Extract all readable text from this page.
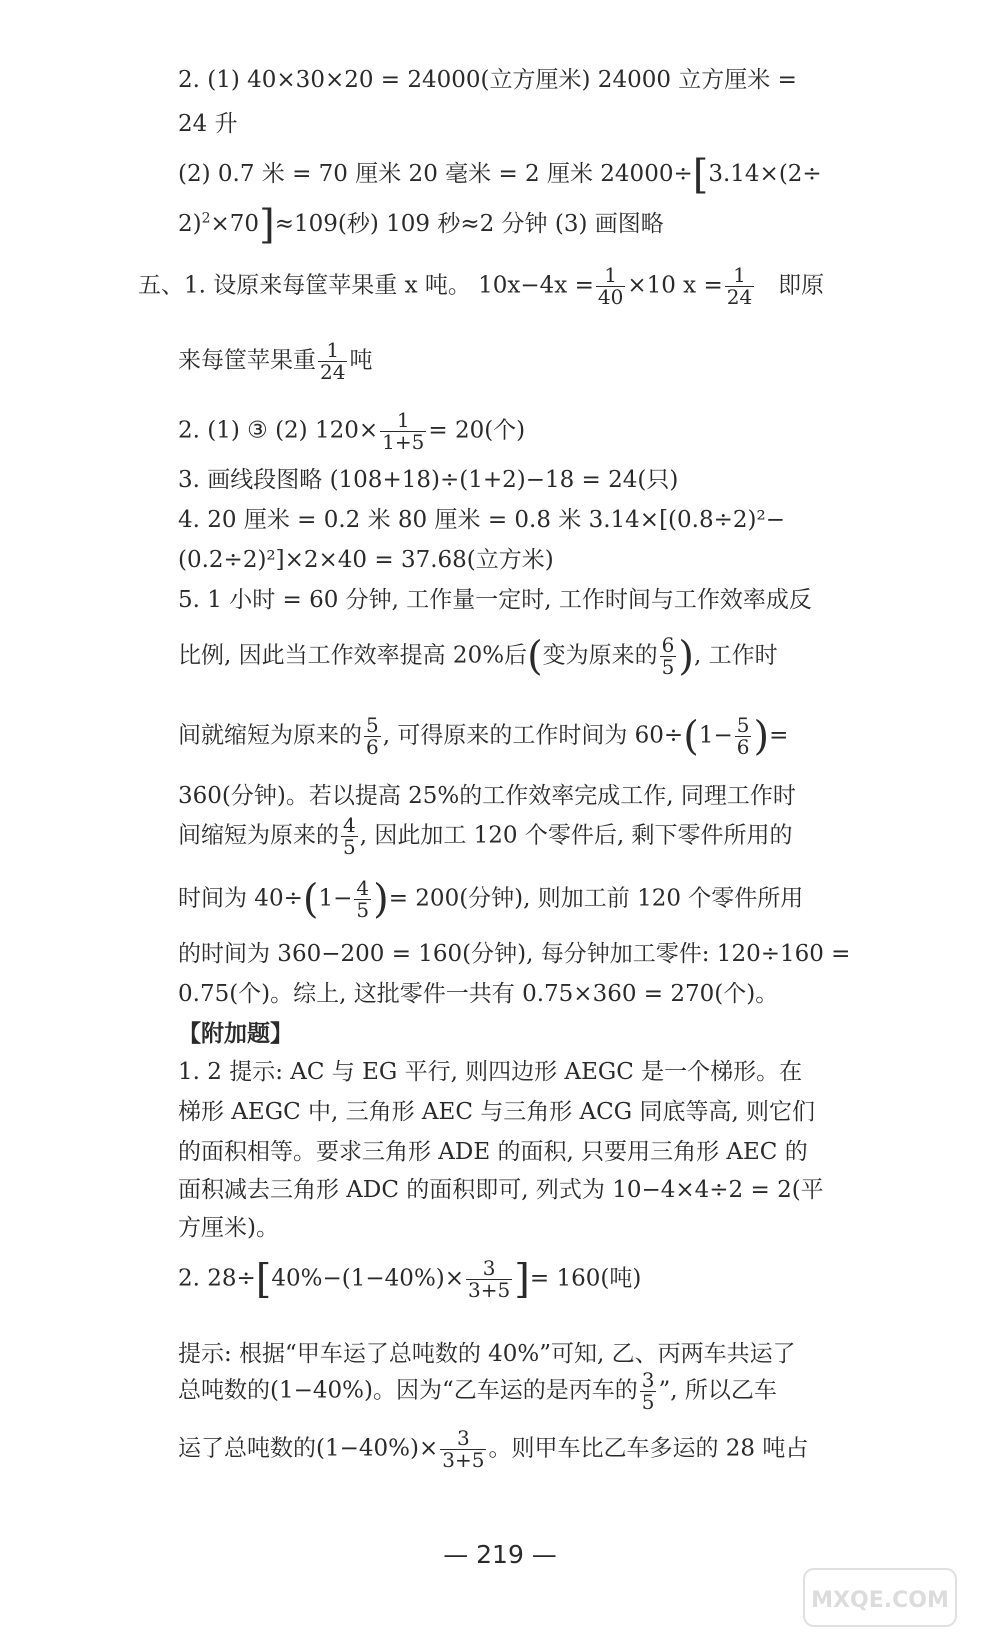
2. (1) 40×30×20 = 24000(立方厘米) 24000 立方厘米 =
24 升
(2) 0.7 米 = 70 厘米 20 毫米 = 2 厘米 24000÷[3.14×(2÷
2)$^2$×70]≈109(秒) 109 秒≈2 分钟 (3) 画图略
五、1. 设原来每筐苹果重 x 吨。 $10x-4x = \frac{1}{40} \times 10$ $x = \frac{1}{24}$ 即原
来每筐苹果重 $\frac{1}{24}$ 吨
2. (1) ③ (2) $120\times \frac{1}{1+5} = 20$(个)
3. 画线段图略 (108+18)÷(1+2)−18 = 24(只)
4. 20 厘米 = 0.2 米 80 厘米 = 0.8 米 3.14×[(0.8÷2)²−
(0.2÷2)²]×2×40 = 37.68(立方米)
5. 1 小时 = 60 分钟, 工作量一定时, 工作时间与工作效率成反
比例, 因此当工作效率提高 20%后(变为原来的 $\frac{6}{5}$ ), 工作时
间就缩短为原来的 $\frac{5}{6}$ , 可得原来的工作时间为 $60\div(1- \frac{5}{6}$ )=
360(分钟)。若以提高 25%的工作效率完成工作, 同理工作时
间缩短为原来的 $\frac{4}{5}$ , 因此加工 120 个零件后, 剩下零件所用的
时间为 $40\div(1- \frac{4}{5}$ )= 200(分钟), 则加工前 120 个零件所用
的时间为 360−200 = 160(分钟), 每分钟加工零件: 120÷160 =
0.75(个)。综上, 这批零件一共有 0.75×360 = 270(个)。
【附加题】
1. 2 提示: AC 与 EG 平行, 则四边形 AEGC 是一个梯形。在
梯形 AEGC 中, 三角形 AEC 与三角形 ACG 同底等高, 则它们
的面积相等。要求三角形 ADE 的面积, 只要用三角形 AEC 的
面积减去三角形 ADC 的面积即可, 列式为 10−4×4÷2 = 2(平
方厘米)。
2. $28\div[40\%-(1-40\%)\times \frac{3}{3+5}$ ]= 160(吨)
提示: 根据“甲车运了总吨数的 40%”可知, 乙、丙两车共运了
总吨数的(1−40%)。因为“乙车运的是丙车的 $\frac{3}{5}$ ”, 所以乙车
运了总吨数的$(1-40\%)\times \frac{3}{3+5}$ 。则甲车比乙车多运的 28 吨占
— 219 —
MXQE.COM
